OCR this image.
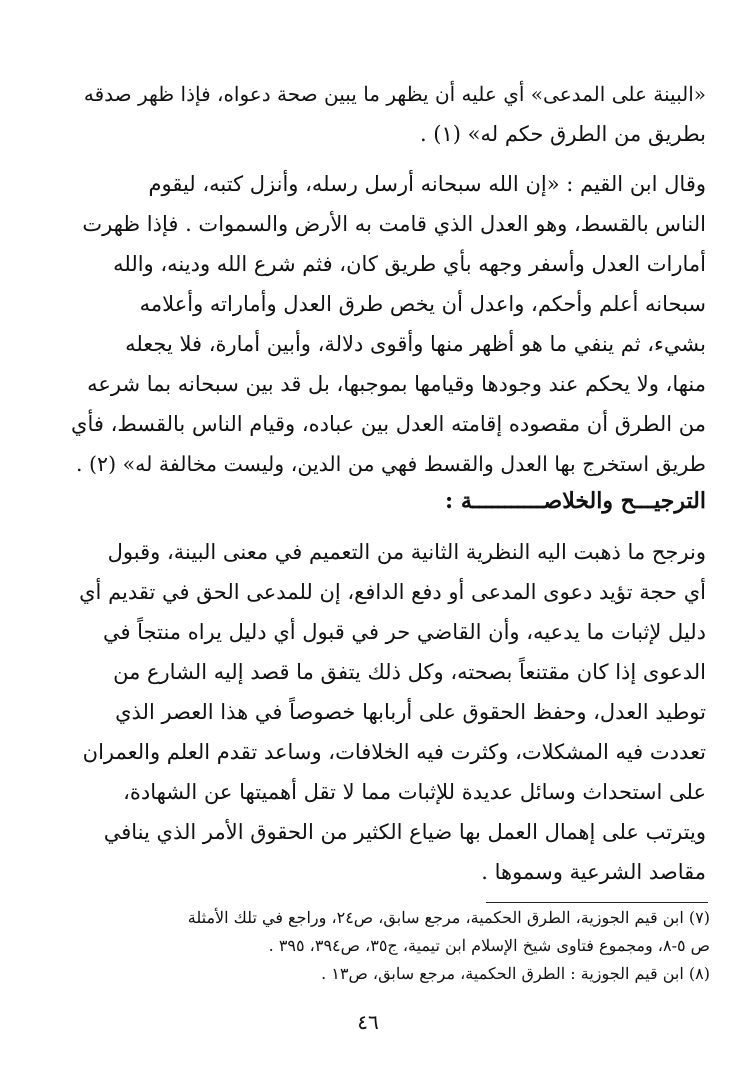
«البينة على المدعى» أي عليه أن يظهر ما يبين صحة دعواه، فإذا ظهر صدقه
بطريق من الطرق حكم له» (١) .
وقال ابن القيم : «إن الله سبحانه أرسل رسله، وأنزل كتبه، ليقوم
الناس بالقسط، وهو العدل الذي قامت به الأرض والسموات . فإذا ظهرت
أمارات العدل وأسفر وجهه بأي طريق كان، فثم شرع الله ودينه، والله
سبحانه أعلم وأحكم، واعدل أن يخص طرق العدل وأماراته وأعلامه
بشيء، ثم ينفي ما هو أظهر منها وأقوى دلالة، وأبين أمارة، فلا يجعله
منها، ولا يحكم عند وجودها وقيامها بموجبها، بل قد بين سبحانه بما شرعه
من الطرق أن مقصوده إقامته العدل بين عباده، وقيام الناس بالقسط، فأي
طريق استخرج بها العدل والقسط فهي من الدين، وليست مخالفة له» (٢) .
الترجيـــح والخلاصـــــــــــة :
ونرجح ما ذهبت اليه النظرية الثانية من التعميم في معنى البينة، وقبول
أي حجة تؤيد دعوى المدعى أو دفع الدافع، إن للمدعى الحق في تقديم أي
دليل لإثبات ما يدعيه، وأن القاضي حر في قبول أي دليل يراه منتجاً في
الدعوى إذا كان مقتنعاً بصحته، وكل ذلك يتفق ما قصد إليه الشارع من
توطيد العدل، وحفظ الحقوق على أربابها خصوصاً في هذا العصر الذي
تعددت فيه المشكلات، وكثرت فيه الخلافات، وساعد تقدم العلم والعمران
على استحداث وسائل عديدة للإثبات مما لا تقل أهميتها عن الشهادة،
ويترتب على إهمال العمل بها ضياع الكثير من الحقوق الأمر الذي ينافي
مقاصد الشرعية وسموها .
(٧) ابن قيم الجوزية، الطرق الحكمية، مرجع سابق، ص٢٤، وراجع في تلك الأمثلة
ص ٥-٨، ومجموع فتاوى شيخ الإسلام ابن تيمية، ج٣٥، ص٣٩٤، ٣٩٥ .
(٨) ابن قيم الجوزية : الطرق الحكمية، مرجع سابق، ص١٣ .
٤٦
